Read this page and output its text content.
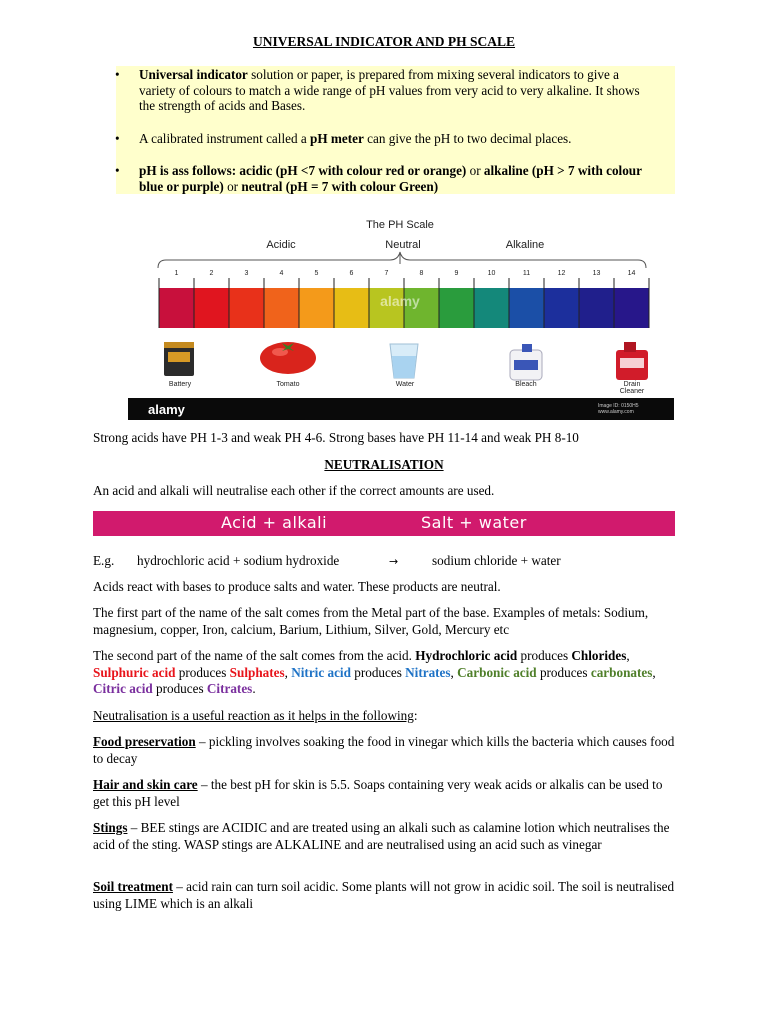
UNIVERSAL INDICATOR AND PH SCALE
• Universal indicator solution or paper, is prepared from mixing several indicators to give a variety of colours to match a wide range of pH values from very acid to very alkaline. It shows the strength of acids and Bases.
• A calibrated instrument called a pH meter can give the pH to two decimal places.
• pH is ass follows: acidic (pH <7 with colour red or orange) or alkaline (pH > 7 with colour blue or purple) or neutral (pH = 7 with colour Green)
The PH Scale
Acidic	Neutral	Alkaline
1	2	3	4	5	6	7	8	9	10	11	12	13	14
alamy
Battery	Tomato	Water	Bleach	Drain Cleaner
alamy	Image ID: 0150H5 www.alamy.com
Strong acids have PH 1-3 and weak PH 4-6. Strong bases have PH 11-14 and weak PH 8-10
NEUTRALISATION
An acid and alkali will neutralise each other if the correct amounts are used.
Acid + alkali	Salt + water
E.g. hydrochloric acid + sodium hydroxide	→	sodium chloride + water
Acids react with bases to produce salts and water. These products are neutral.
The first part of the name of the salt comes from the Metal part of the base. Examples of metals: Sodium, magnesium, copper, Iron, calcium, Barium, Lithium, Silver, Gold, Mercury etc
The second part of the name of the salt comes from the acid. Hydrochloric acid produces Chlorides, Sulphuric acid produces Sulphates, Nitric acid produces Nitrates, Carbonic acid produces carbonates, Citric acid produces Citrates.
Neutralisation is a useful reaction as it helps in the following:
Food preservation – pickling involves soaking the food in vinegar which kills the bacteria which causes food to decay
Hair and skin care – the best pH for skin is 5.5. Soaps containing very weak acids or alkalis can be used to get this pH level
Stings – BEE stings are ACIDIC and are treated using an alkali such as calamine lotion which neutralises the acid of the sting. WASP stings are ALKALINE and are neutralised using an acid such as vinegar
Soil treatment – acid rain can turn soil acidic. Some plants will not grow in acidic soil. The soil is neutralised using LIME which is an alkali
